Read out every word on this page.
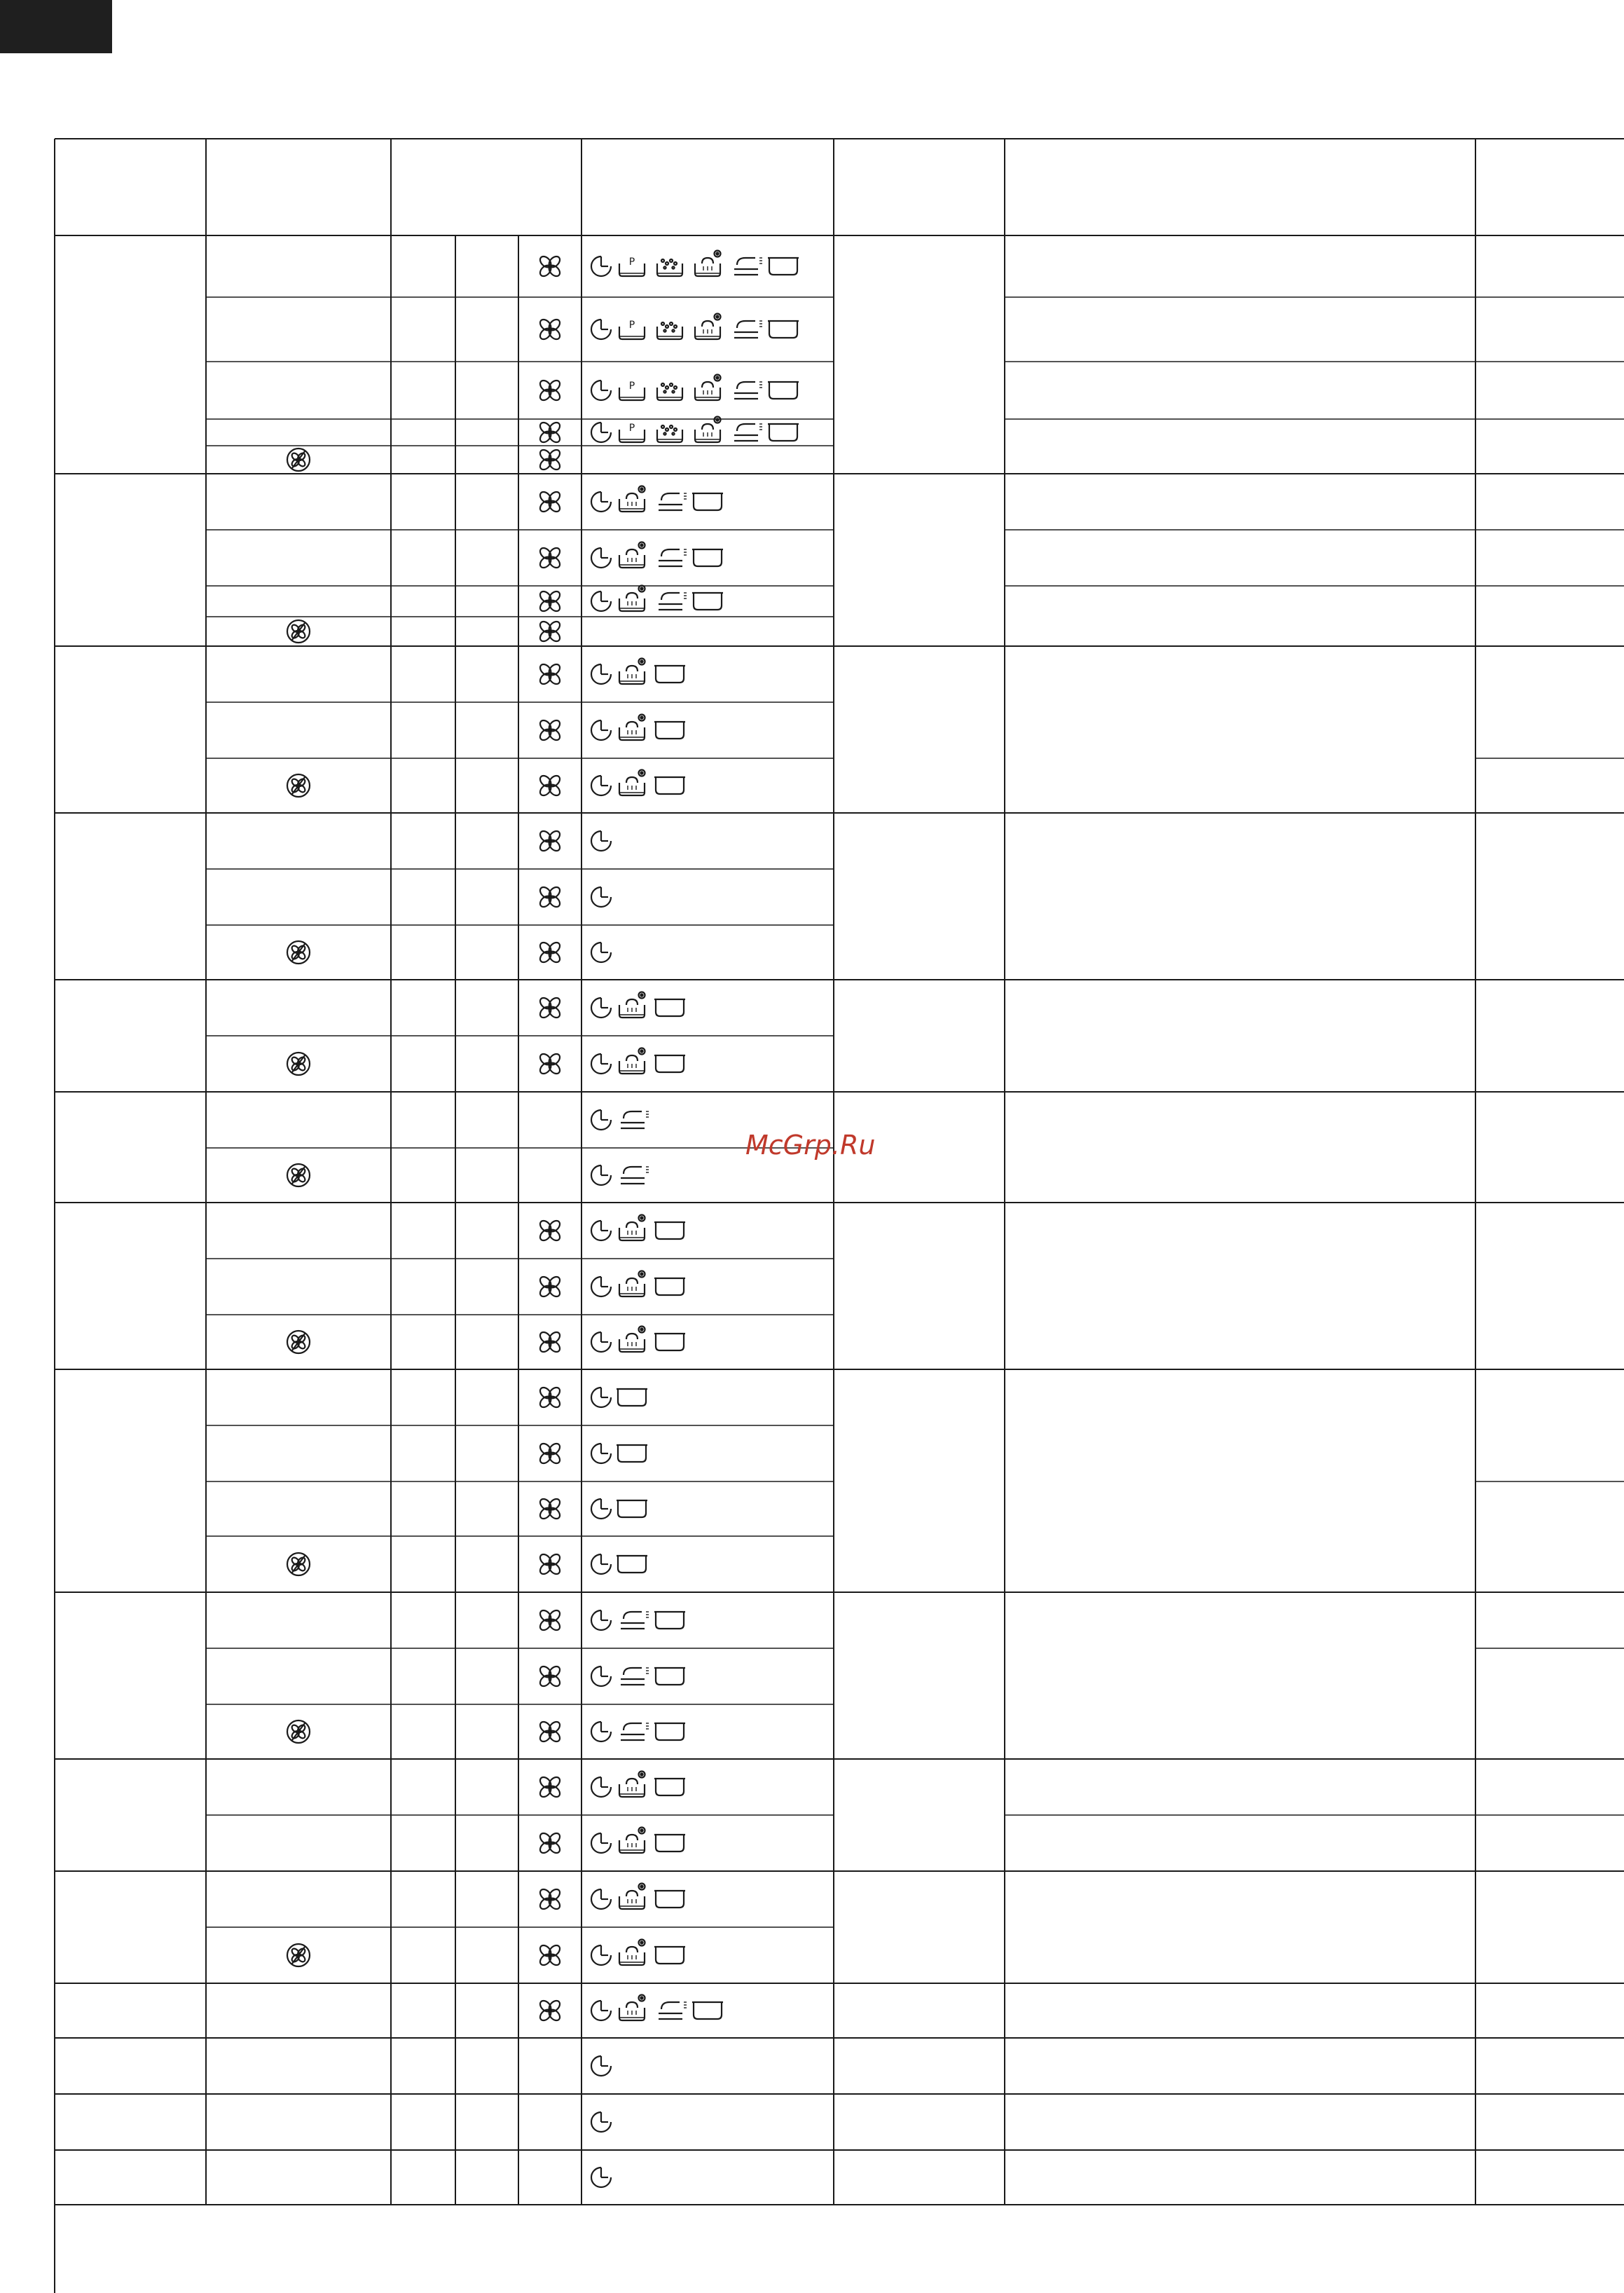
P
P
P
P
McGrp.Ru
